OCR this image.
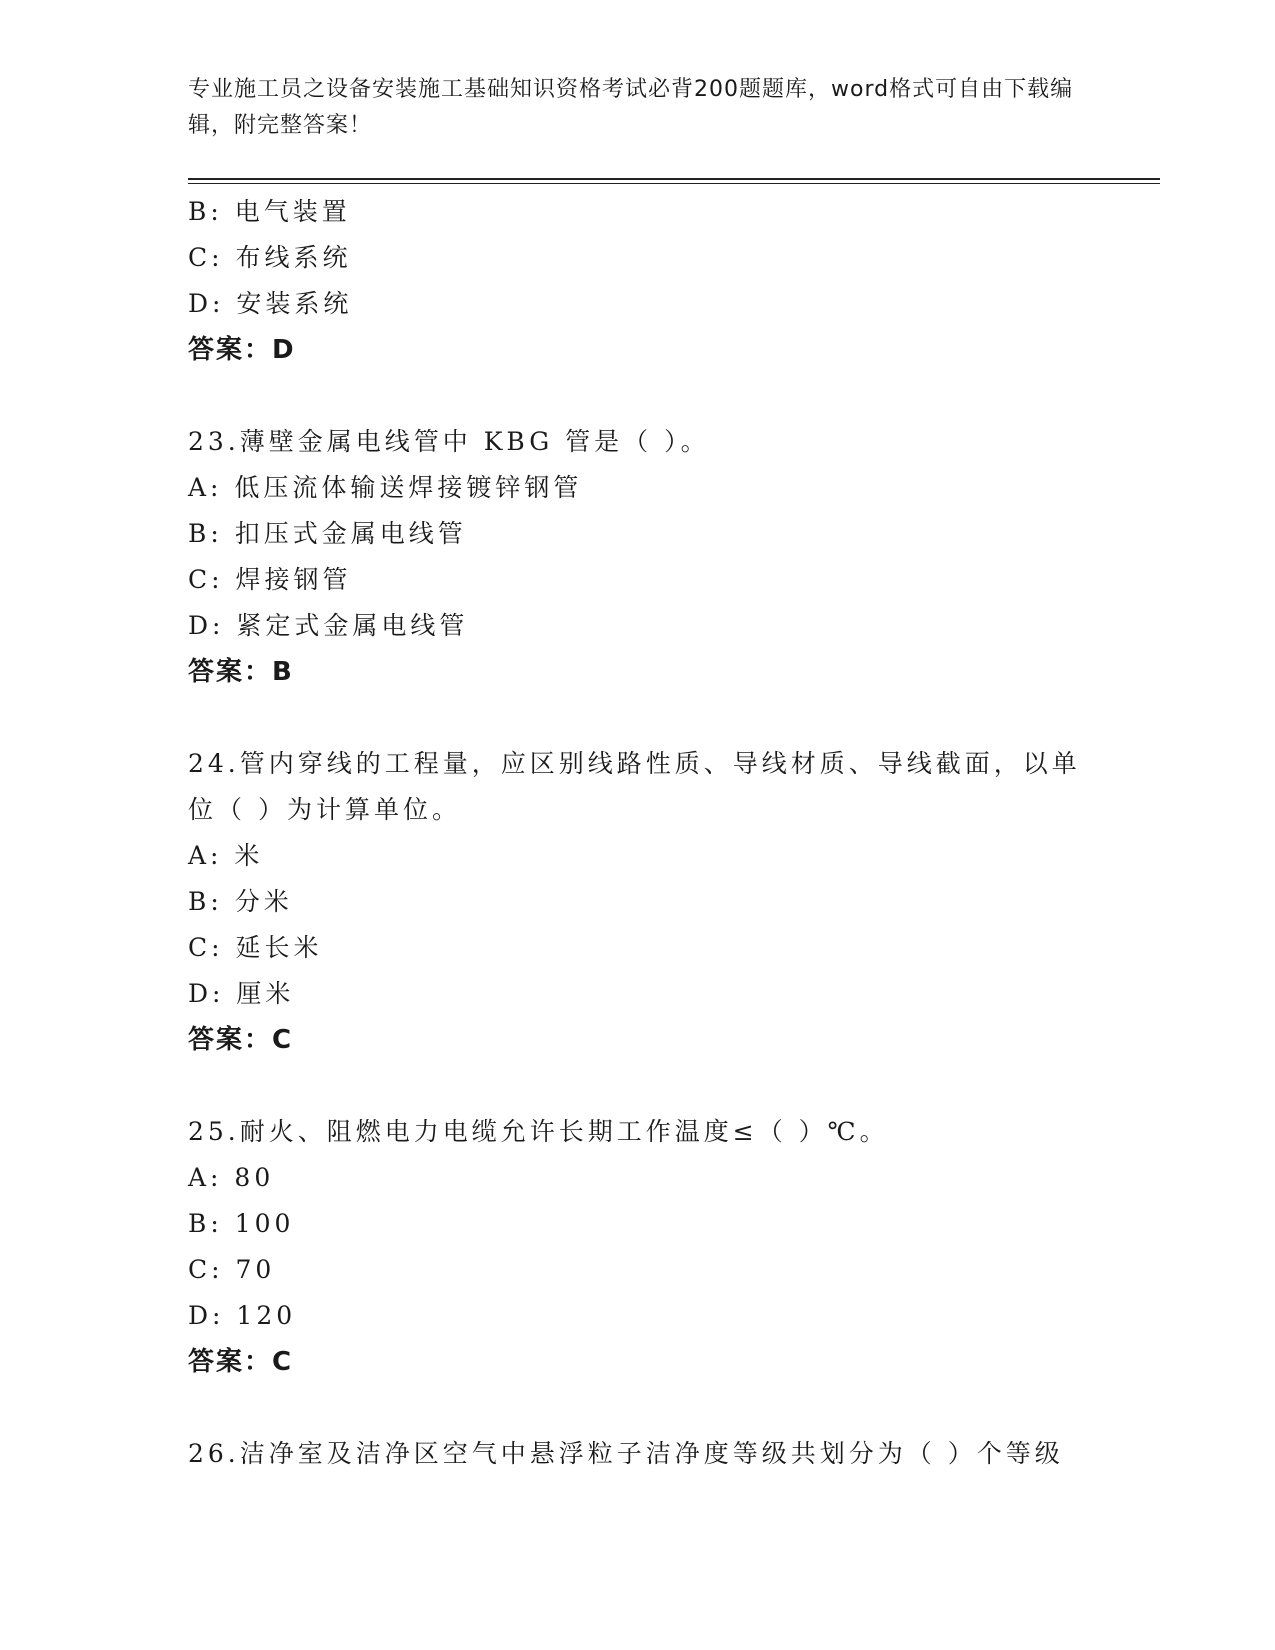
专业施工员之设备安装施工基础知识资格考试必背200题题库，word格式可自由下载编辑，附完整答案！
B: 电气装置
C: 布线系统
D: 安装系统
答案：D
23.薄壁金属电线管中 KBG 管是（ ）。
A: 低压流体输送焊接镀锌钢管
B: 扣压式金属电线管
C: 焊接钢管
D: 紧定式金属电线管
答案：B
24.管内穿线的工程量，应区别线路性质、导线材质、导线截面，以单
位（ ）为计算单位。
A: 米
B: 分米
C: 延长米
D: 厘米
答案：C
25.耐火、阻燃电力电缆允许长期工作温度≤（ ）℃。
A: 80
B: 100
C: 70
D: 120
答案：C
26.洁净室及洁净区空气中悬浮粒子洁净度等级共划分为（ ）个等级
